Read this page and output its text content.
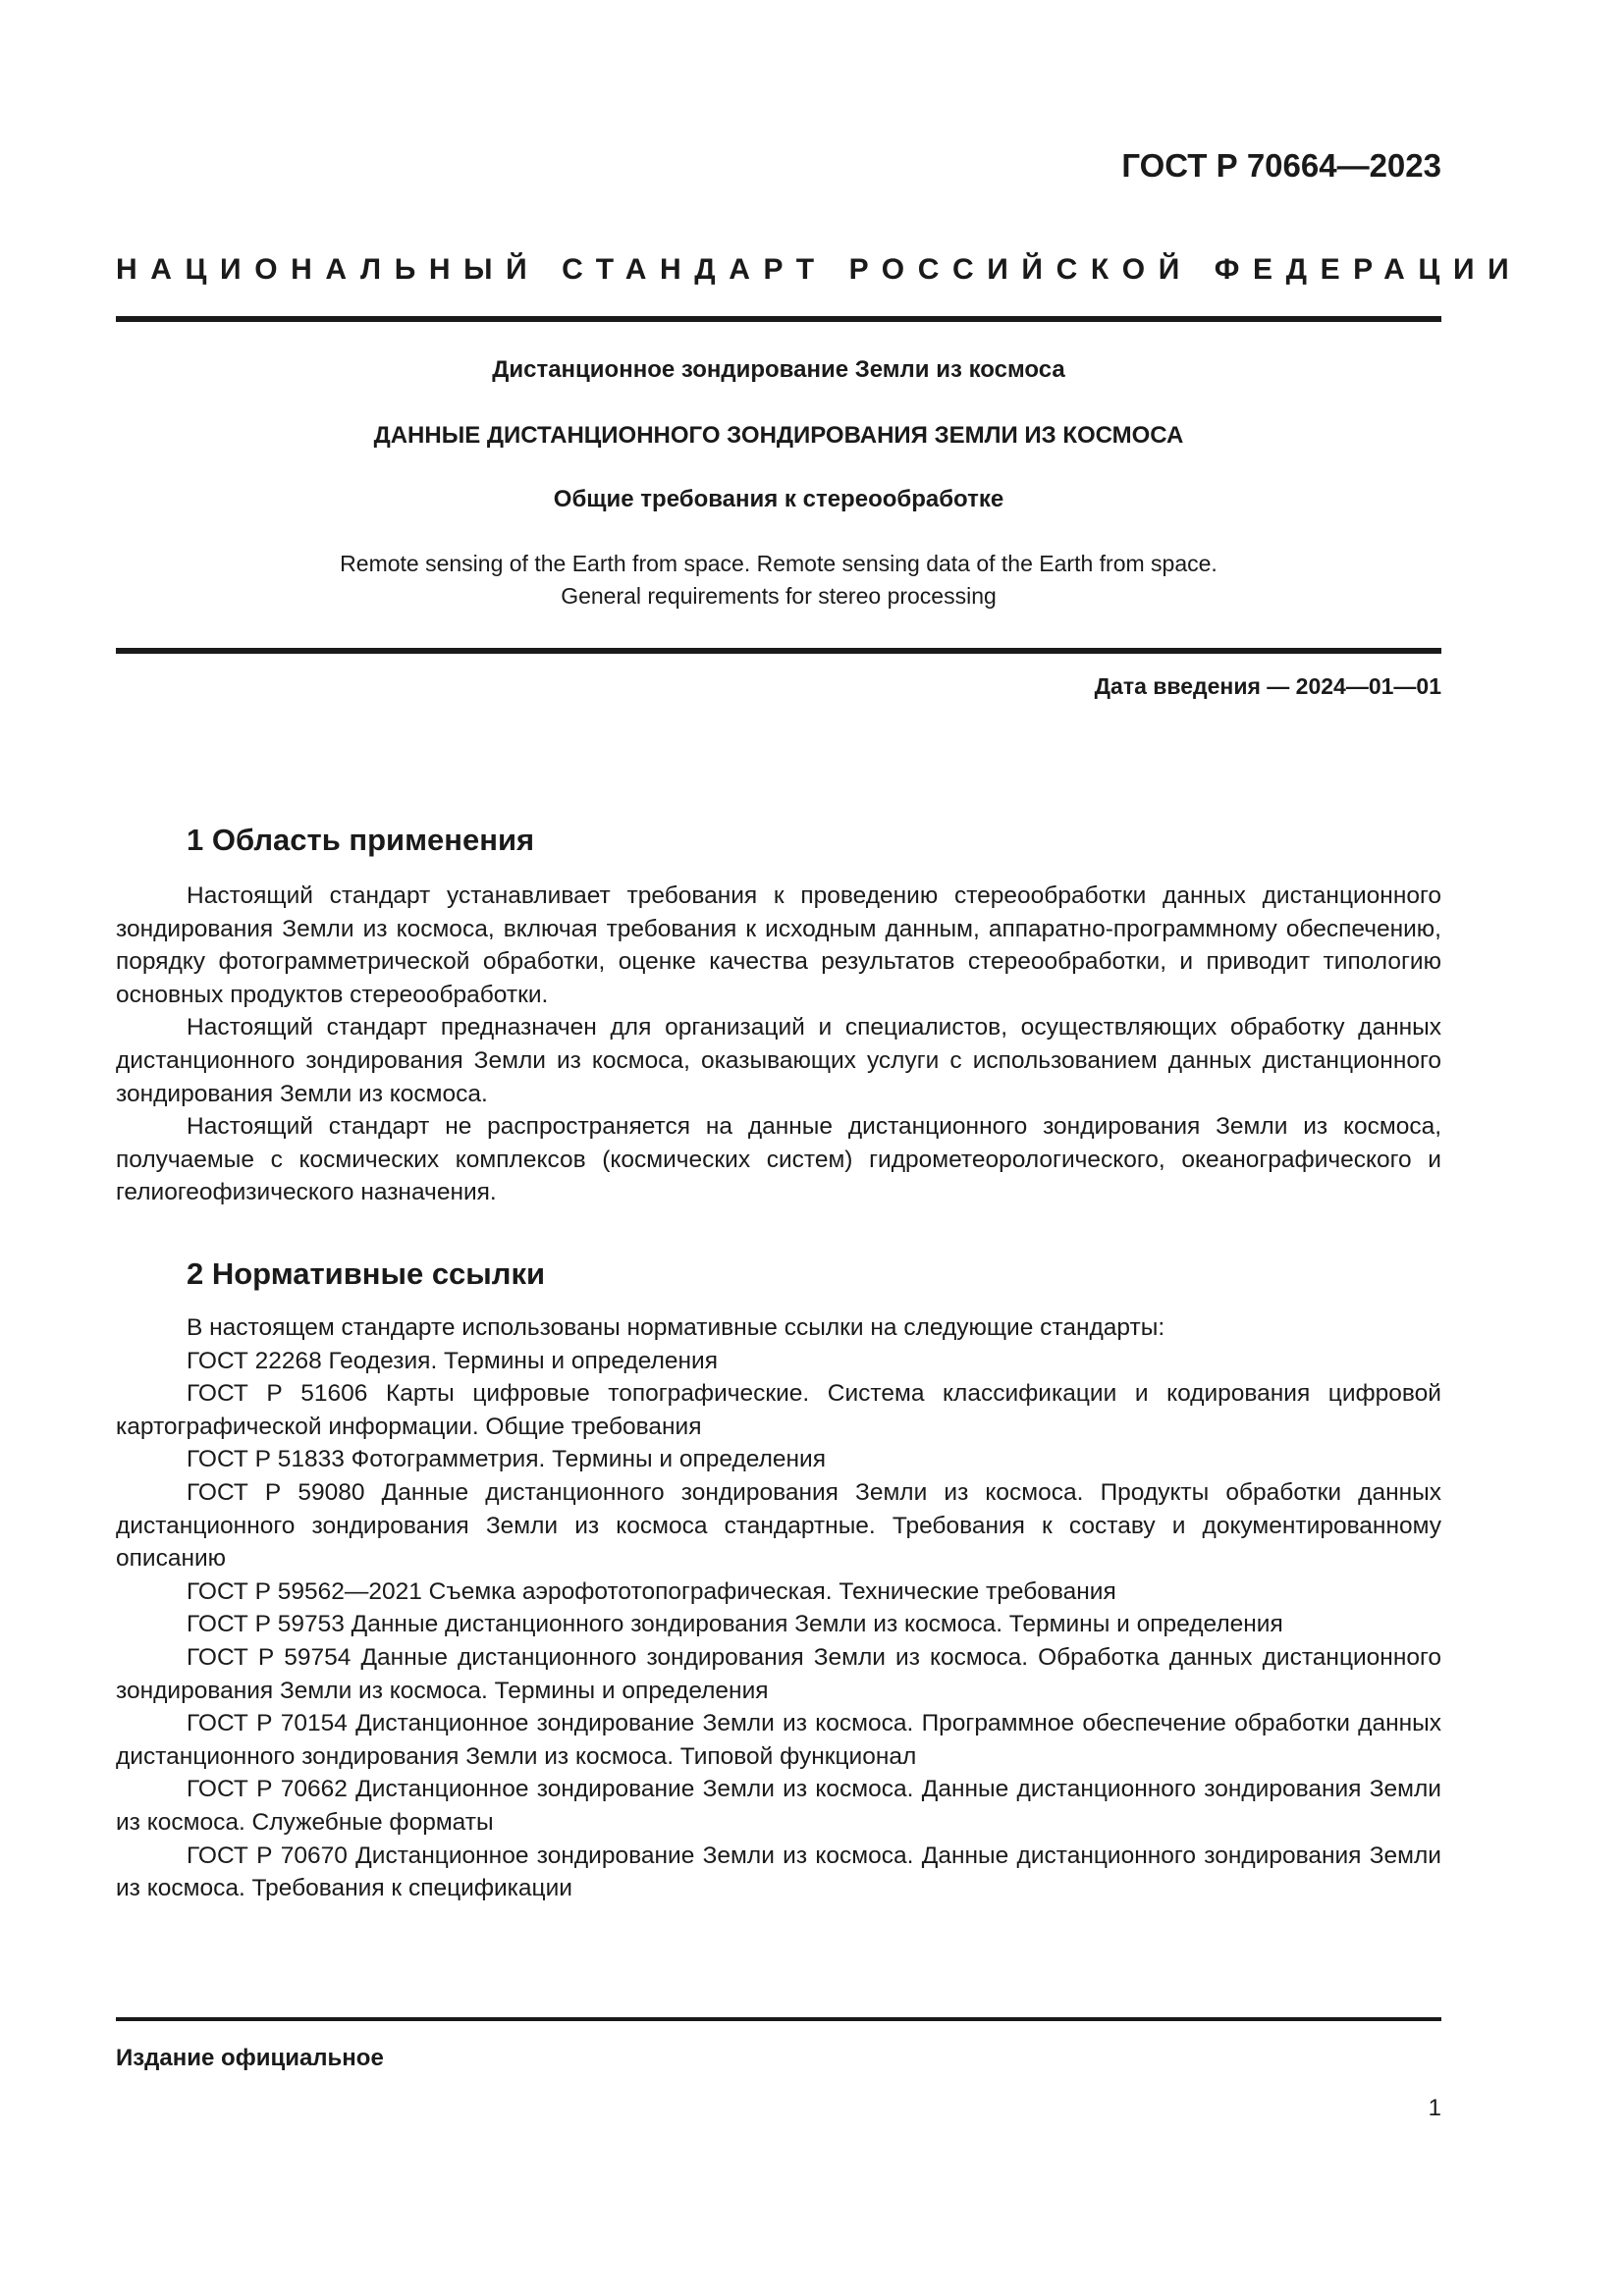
ГОСТ Р 70664—2023
НАЦИОНАЛЬНЫЙ СТАНДАРТ РОССИЙСКОЙ ФЕДЕРАЦИИ
Дистанционное зондирование Земли из космоса
ДАННЫЕ ДИСТАНЦИОННОГО ЗОНДИРОВАНИЯ ЗЕМЛИ ИЗ КОСМОСА
Общие требования к стереообработке
Remote sensing of the Earth from space. Remote sensing data of the Earth from space.
General requirements for stereo processing
Дата введения — 2024—01—01
1 Область применения

Настоящий стандарт устанавливает требования к проведению стереообработки данных дистанционного зондирования Земли из космоса, включая требования к исходным данным, аппаратно-программному обеспечению, порядку фотограмметрической обработки, оценке качества результатов стереообработки, и приводит типологию основных продуктов стереообработки.

Настоящий стандарт предназначен для организаций и специалистов, осуществляющих обработку данных дистанционного зондирования Земли из космоса, оказывающих услуги с использованием данных дистанционного зондирования Земли из космоса.

Настоящий стандарт не распространяется на данные дистанционного зондирования Земли из космоса, получаемые с космических комплексов (космических систем) гидрометеорологического, океанографического и гелиогеофизического назначения.

2 Нормативные ссылки

В настоящем стандарте использованы нормативные ссылки на следующие стандарты:

ГОСТ 22268 Геодезия. Термины и определения

ГОСТ Р 51606 Карты цифровые топографические. Система классификации и кодирования цифровой картографической информации. Общие требования

ГОСТ Р 51833 Фотограмметрия. Термины и определения

ГОСТ Р 59080 Данные дистанционного зондирования Земли из космоса. Продукты обработки данных дистанционного зондирования Земли из космоса стандартные. Требования к составу и документированному описанию

ГОСТ Р 59562—2021 Съемка аэрофототопографическая. Технические требования

ГОСТ Р 59753 Данные дистанционного зондирования Земли из космоса. Термины и определения

ГОСТ Р 59754 Данные дистанционного зондирования Земли из космоса. Обработка данных дистанционного зондирования Земли из космоса. Термины и определения

ГОСТ Р 70154 Дистанционное зондирование Земли из космоса. Программное обеспечение обработки данных дистанционного зондирования Земли из космоса. Типовой функционал

ГОСТ Р 70662 Дистанционное зондирование Земли из космоса. Данные дистанционного зондирования Земли из космоса. Служебные форматы

ГОСТ Р 70670 Дистанционное зондирование Земли из космоса. Данные дистанционного зондирования Земли из космоса. Требования к спецификации

Издание официальное
1
